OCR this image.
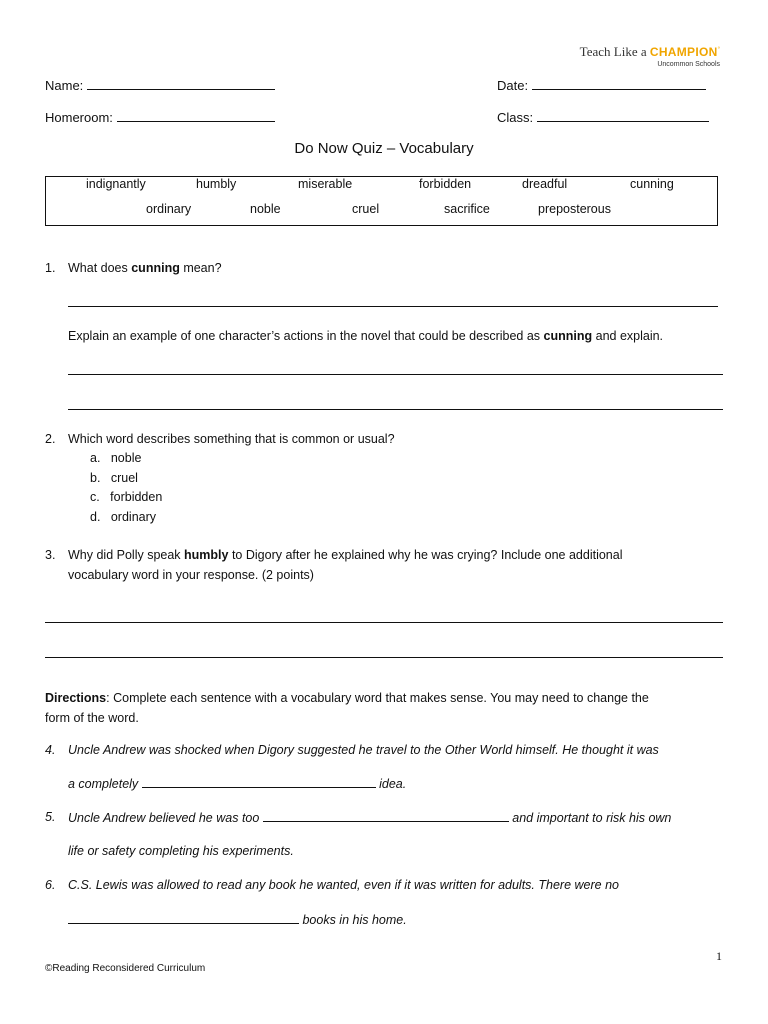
Teach Like a CHAMPION°
Uncommon Schools
Name:	Date:
Homeroom:	Class:
Do Now Quiz – Vocabulary
indignantly	humbly	miserable	forbidden	dreadful	cunning
ordinary	noble	cruel	sacrifice	preposterous
1. What does cunning mean?
Explain an example of one character’s actions in the novel that could be described as cunning and explain.
2. Which word describes something that is common or usual?
a. noble
b. cruel
c. forbidden
d. ordinary
3. Why did Polly speak humbly to Digory after he explained why he was crying? Include one additional
vocabulary word in your response. (2 points)
Directions: Complete each sentence with a vocabulary word that makes sense. You may need to change the
form of the word.
4. Uncle Andrew was shocked when Digory suggested he travel to the Other World himself. He thought it was
a completely	idea.
5. Uncle Andrew believed he was too	and important to risk his own
life or safety completing his experiments.
6. C.S. Lewis was allowed to read any book he wanted, even if it was written for adults. There were no
books in his home.
©Reading Reconsidered Curriculum
1
